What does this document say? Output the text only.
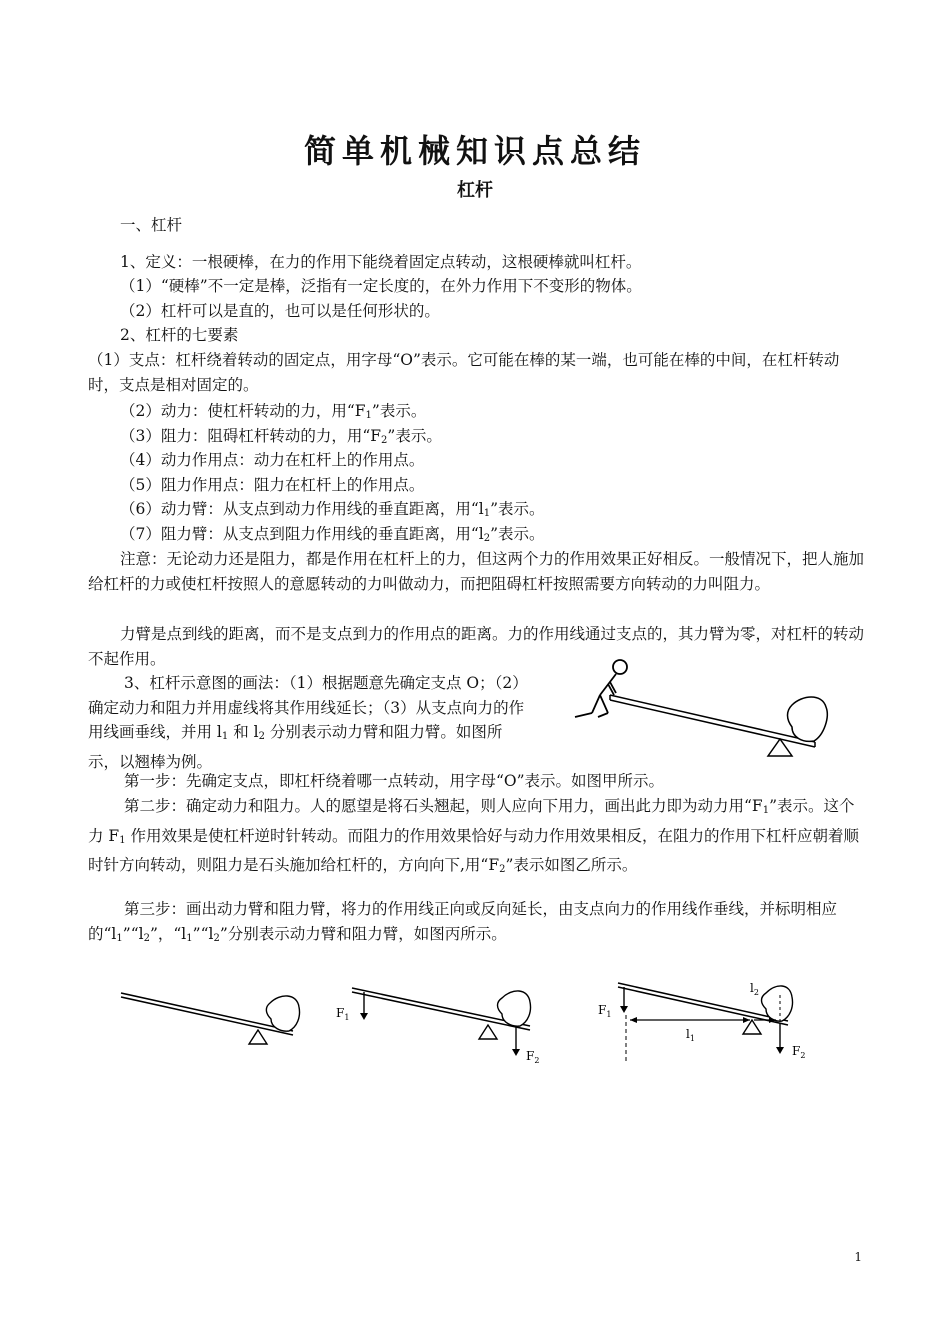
简单机械知识点总结
杠杆

一、杠杆

1、定义：一根硬棒，在力的作用下能绕着固定点转动，这根硬棒就叫杠杆。

（1）“硬棒”不一定是棒，泛指有一定长度的，在外力作用下不变形的物体。

（2）杠杆可以是直的，也可以是任何形状的。

2、杠杆的七要素

（1）支点：杠杆绕着转动的固定点，用字母“O”表示。它可能在棒的某一端，也可能在棒的中间，在杠杆转动时，支点是相对固定的。

（2）动力：使杠杆转动的力，用“$F_1$”表示。

（3）阻力：阻碍杠杆转动的力，用“$F_2$”表示。

（4）动力作用点：动力在杠杆上的作用点。

（5）阻力作用点：阻力在杠杆上的作用点。

（6）动力臂：从支点到动力作用线的垂直距离，用“$l_1$”表示。

（7）阻力臂：从支点到阻力作用线的垂直距离，用“$l_2$”表示。

注意：无论动力还是阻力，都是作用在杠杆上的力，但这两个力的作用效果正好相反。一般情况下，把人施加给杠杆的力或使杠杆按照人的意愿转动的力叫做动力，而把阻碍杠杆按照需要方向转动的力叫阻力。

力臂是点到线的距离，而不是支点到力的作用点的距离。力的作用线通过支点的，其力臂为零，对杠杆的转动不起作用。

3、杠杆示意图的画法：（1）根据题意先确定支点 O；（2）确定动力和阻力并用虚线将其作用线延长；（3）从支点向力的作用线画垂线，并用 $l_1$ 和 $l_2$ 分别表示动力臂和阻力臂。如图所示，以翘棒为例。

第一步：先确定支点，即杠杆绕着哪一点转动，用字母“O”表示。如图甲所示。

第二步：确定动力和阻力。人的愿望是将石头翘起，则人应向下用力，画出此力即为动力用“$F_1$”表示。这个力 $F_1$ 作用效果是使杠杆逆时针转动。而阻力的作用效果恰好与动力作用效果相反，在阻力的作用下杠杆应朝着顺时针方向转动，则阻力是石头施加给杠杆的，方向向下,用“$F_2$”表示如图乙所示。

第三步：画出动力臂和阻力臂，将力的作用线正向或反向延长，由支点向力的作用线作垂线，并标明相应的“$l_1”“l_2$”，“$l_1”“l_2$”分别表示动力臂和阻力臂，如图丙所示。

$F_1$
$F_2$
$F_1$
$l_1$
$l_2$
$F_2$
1
